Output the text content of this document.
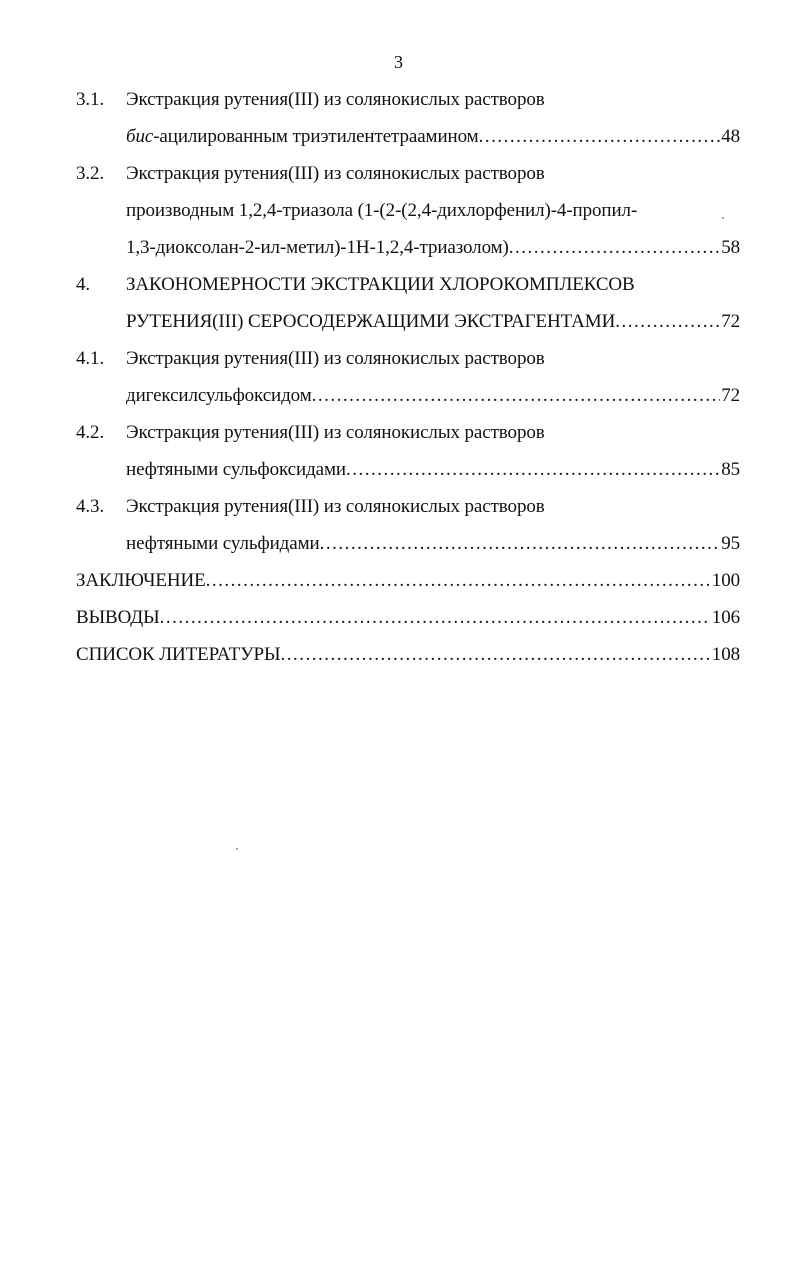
3
3.1.	Экстракция рутения(III) из солянокислых растворов
бис-ацилированным триэтилентетраамином .....	48
3.2.	Экстракция рутения(III) из солянокислых растворов
производным 1,2,4-триазола (1-(2-(2,4-дихлорфенил)-4-пропил-
1,3-диоксолан-2-ил-метил)-1H-1,2,4-триазолом) .....	58
4.	ЗАКОНОМЕРНОСТИ ЭКСТРАКЦИИ ХЛОРОКОМПЛЕКСОВ
РУТЕНИЯ(III) СЕРОСОДЕРЖАЩИМИ ЭКСТРАГЕНТАМИ .....	72
4.1.	Экстракция рутения(III) из солянокислых растворов
дигексилсульфоксидом .....	72
4.2.	Экстракция рутения(III) из солянокислых растворов
нефтяными сульфоксидами .....	85
4.3.	Экстракция рутения(III) из солянокислых растворов
нефтяными сульфидами .....	95
ЗАКЛЮЧЕНИЕ .....	100
ВЫВОДЫ .....	106
СПИСОК ЛИТЕРАТУРЫ .....	108
